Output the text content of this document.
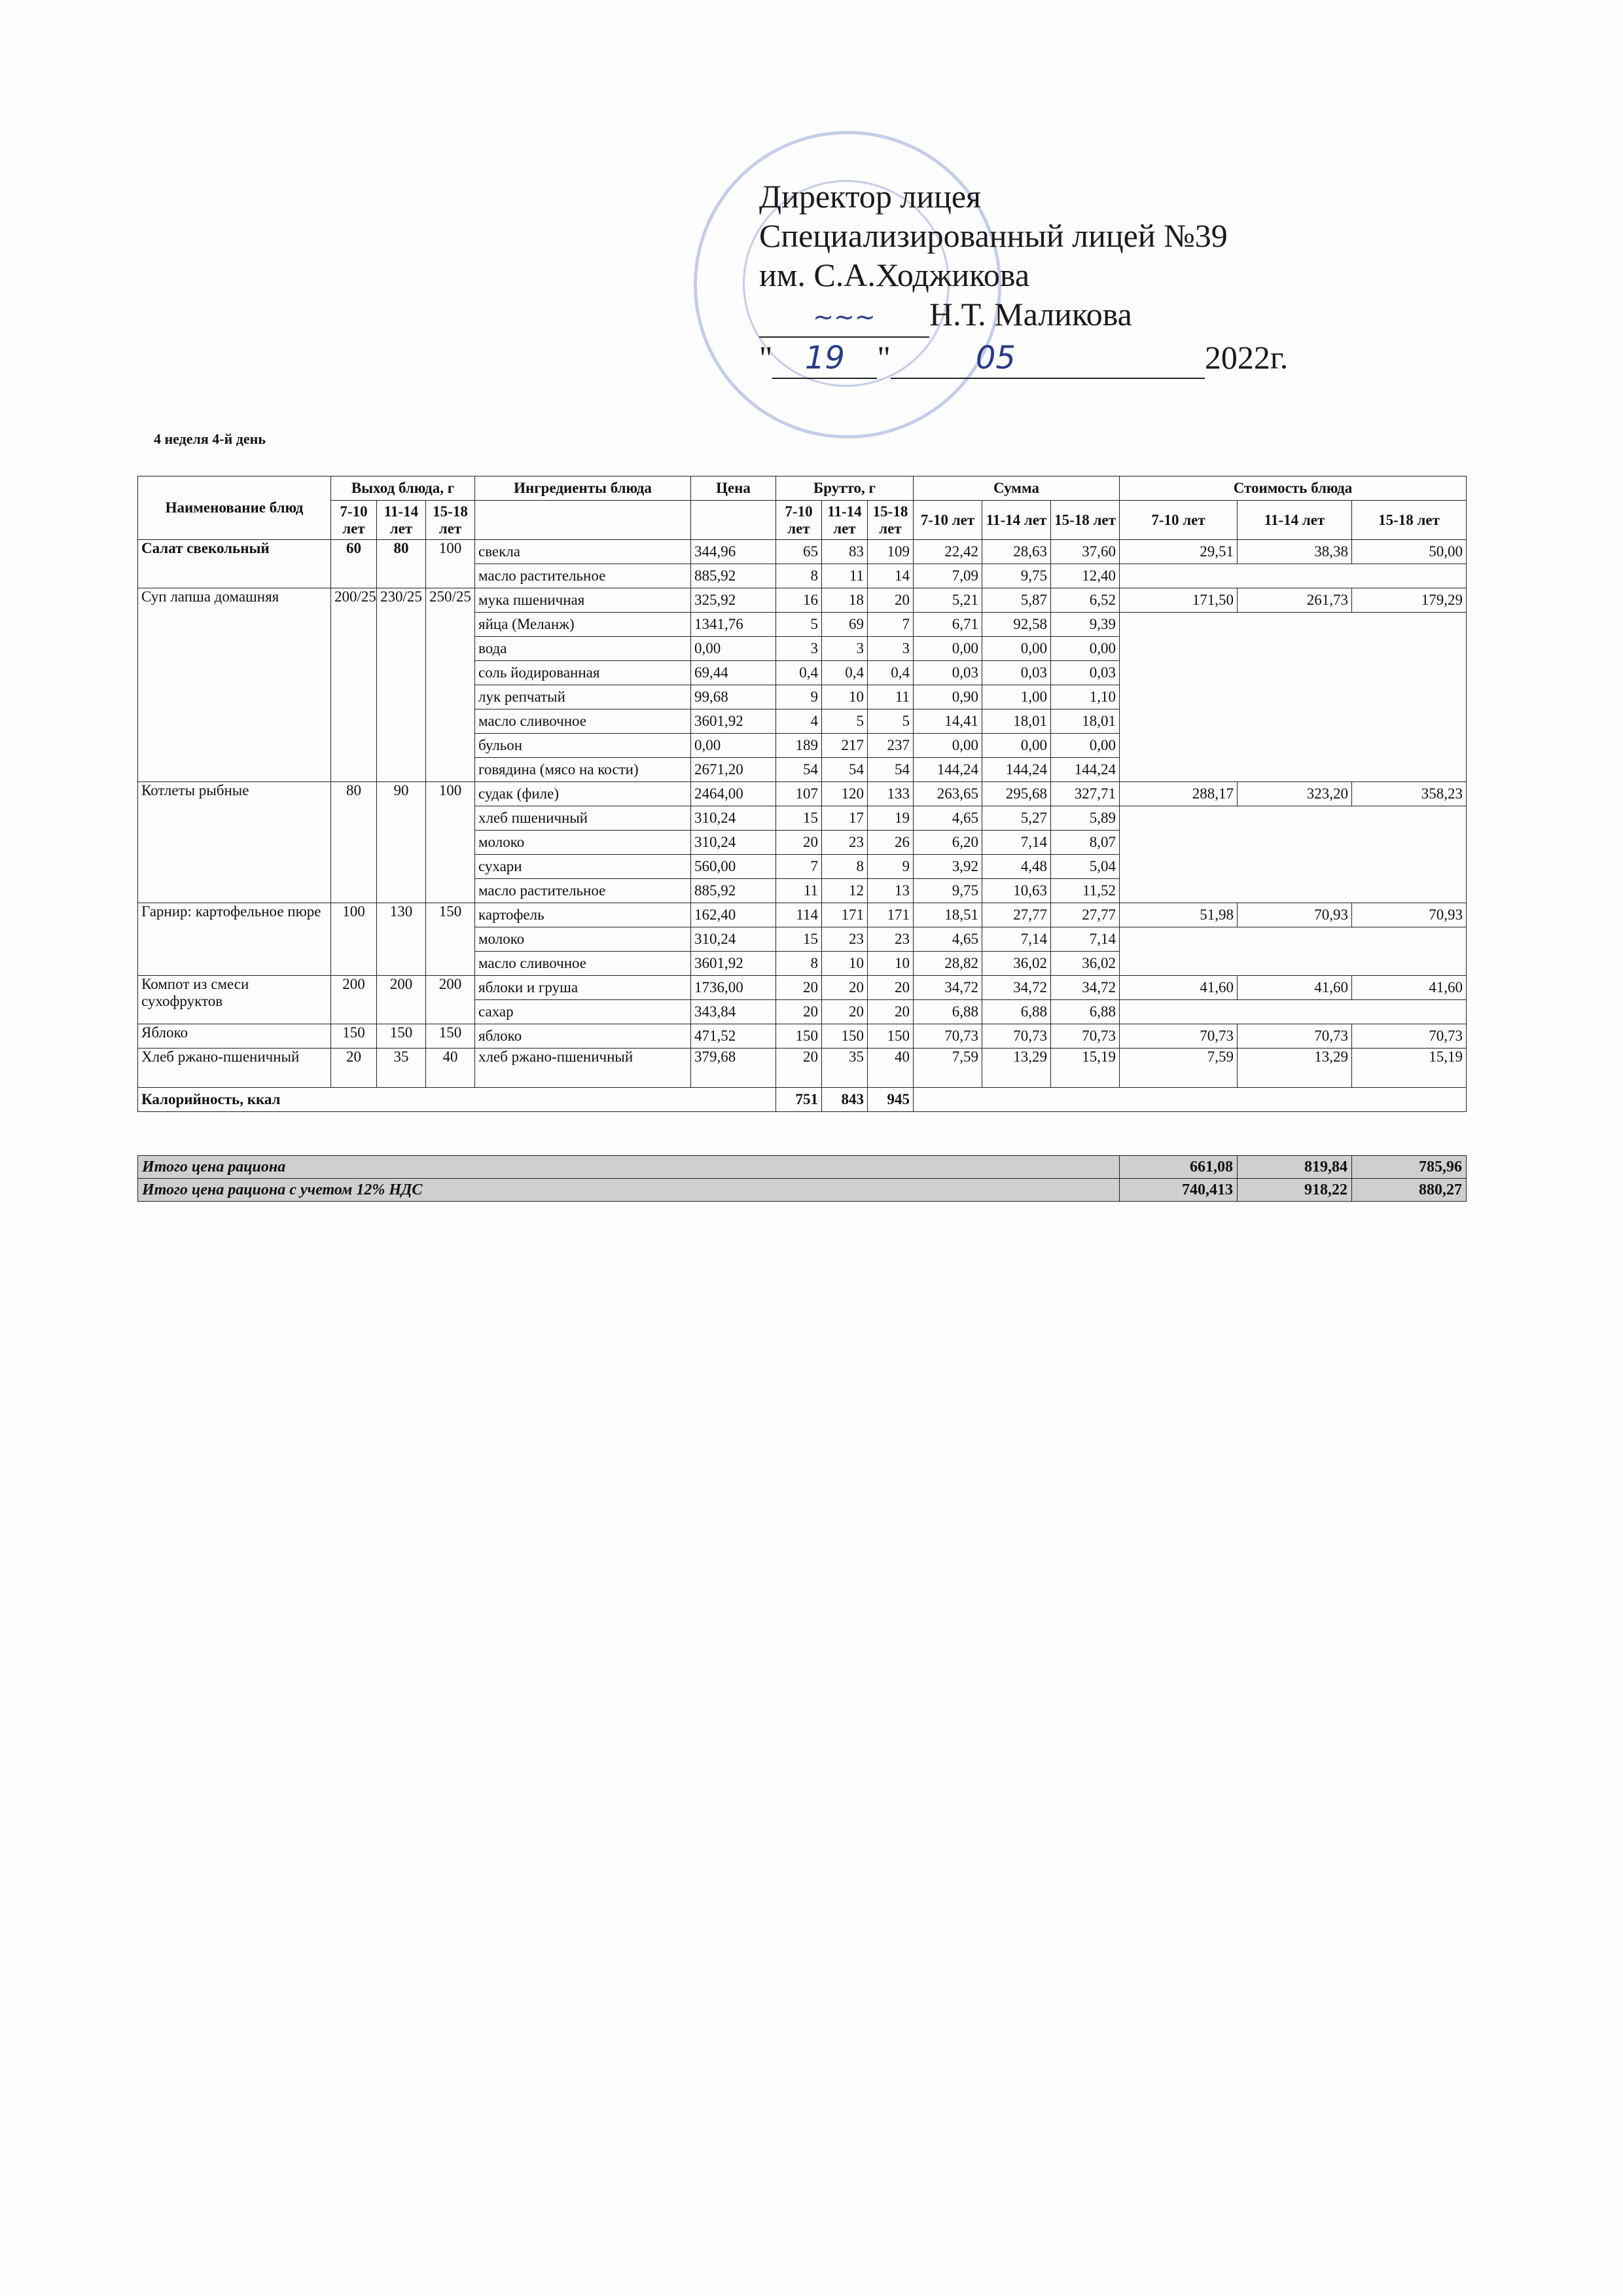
Директор лицея
Специализированный лицей №39
им. С.А.Ходжикова
~~~ Н.Т. Маликова
" 19 "	05	2022г.
4 неделя 4-й день
Наименование блюд	Выход блюда, г			Ингредиенты блюда	Цена	Брутто, г			Сумма			Стоимость блюда		
	7-10 лет	11-14 лет	15-18 лет			7-10 лет	11-14 лет	15-18 лет	7-10 лет	11-14 лет	15-18 лет	7-10 лет	11-14 лет	15-18 лет
Салат свекольный	60	80	100	свекла	344,96	65	83	109	22,42	28,63	37,60	29,51	38,38	50,00
				масло растительное	885,92	8	11	14	7,09	9,75	12,40			
Суп лапша домашняя	200/25	230/25	250/25	мука пшеничная	325,92	16	18	20	5,21	5,87	6,52	171,50	261,73	179,29
				яйца (Меланж)	1341,76	5	69	7	6,71	92,58	9,39			
				вода	0,00	3	3	3	0,00	0,00	0,00			
				соль йодированная	69,44	0,4	0,4	0,4	0,03	0,03	0,03			
				лук репчатый	99,68	9	10	11	0,90	1,00	1,10			
				масло сливочное	3601,92	4	5	5	14,41	18,01	18,01			
				бульон	0,00	189	217	237	0,00	0,00	0,00			
				говядина (мясо на кости)	2671,20	54	54	54	144,24	144,24	144,24			
Котлеты рыбные	80	90	100	судак (филе)	2464,00	107	120	133	263,65	295,68	327,71	288,17	323,20	358,23
				хлеб пшеничный	310,24	15	17	19	4,65	5,27	5,89			
				молоко	310,24	20	23	26	6,20	7,14	8,07			
				сухари	560,00	7	8	9	3,92	4,48	5,04			
				масло растительное	885,92	11	12	13	9,75	10,63	11,52			
Гарнир: картофельное пюре	100	130	150	картофель	162,40	114	171	171	18,51	27,77	27,77	51,98	70,93	70,93
				молоко	310,24	15	23	23	4,65	7,14	7,14			
				масло сливочное	3601,92	8	10	10	28,82	36,02	36,02			
Компот из смеси сухофруктов	200	200	200	яблоки и груша	1736,00	20	20	20	34,72	34,72	34,72	41,60	41,60	41,60
				сахар	343,84	20	20	20	6,88	6,88	6,88			
Яблоко	150	150	150	яблоко	471,52	150	150	150	70,73	70,73	70,73	70,73	70,73	70,73
Хлеб ржано-пшеничный	20	35	40	хлеб ржано-пшеничный	379,68	20	35	40	7,59	13,29	15,19	7,59	13,29	15,19
Калорийность, ккал						751	843	945						
Итого цена рациона	661,08	819,84	785,96
Итого цена рациона с учетом 12% НДС	740,413	918,22	880,27
